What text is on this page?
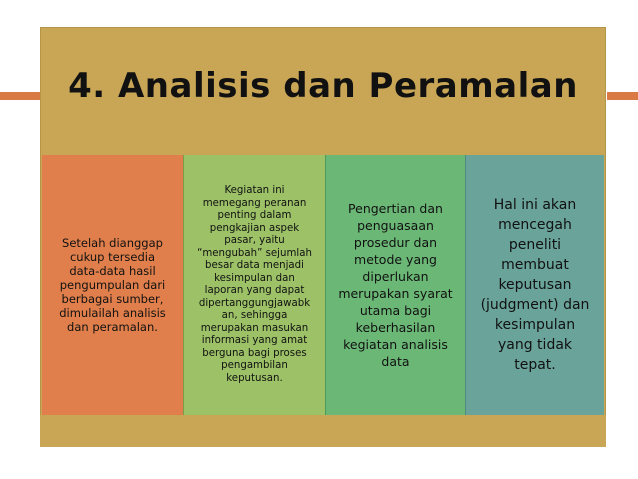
4. Analisis dan Peramalan
Setelah dianggap
cukup tersedia
data-data hasil
pengumpulan dari
berbagai sumber,
dimulailah analisis
dan peramalan.
Kegiatan ini
memegang peranan
penting dalam
pengkajian aspek
pasar, yaitu
“mengubah” sejumlah
besar data menjadi
kesimpulan dan
laporan yang dapat
dipertanggungjawabk
an, sehingga
merupakan masukan
informasi yang amat
berguna bagi proses
pengambilan
keputusan.
Pengertian dan
penguasaan
prosedur dan
metode yang
diperlukan
merupakan syarat
utama bagi
keberhasilan
kegiatan analisis
data
Hal ini akan
mencegah
peneliti
membuat
keputusan
(judgment) dan
kesimpulan
yang tidak
tepat.
